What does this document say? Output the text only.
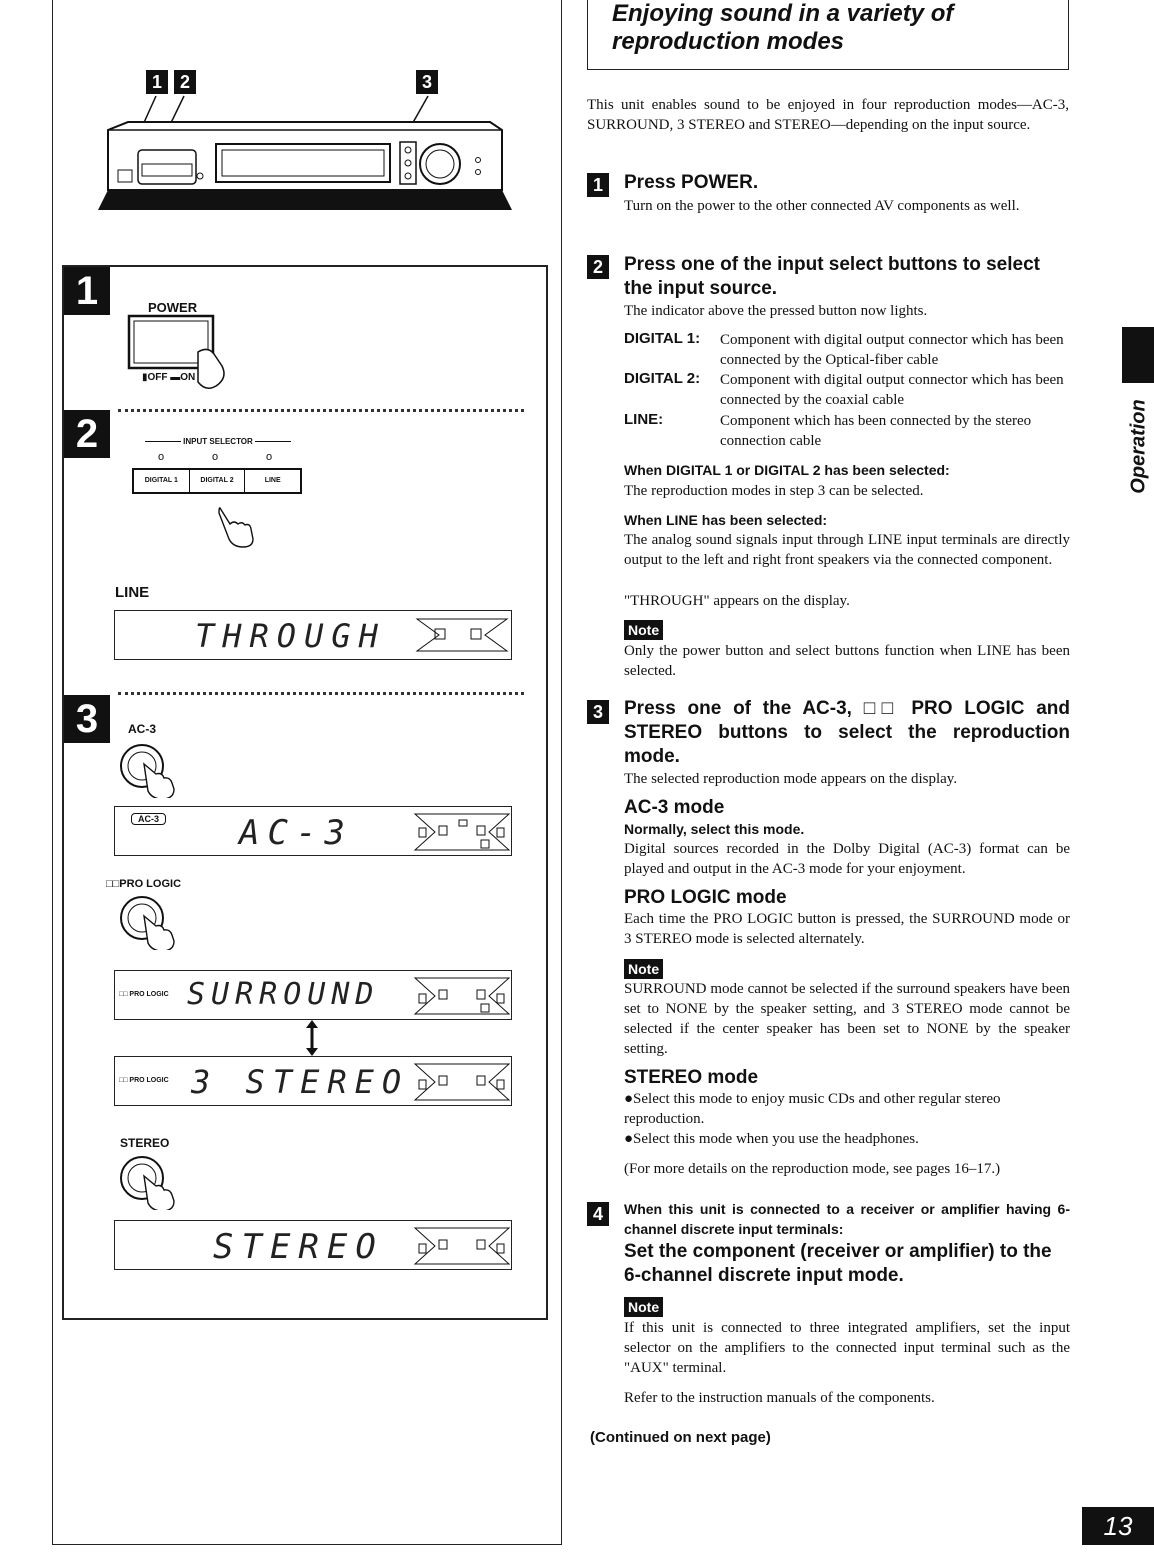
1 2	3
1	POWER
▮OFF ▬ON
2	INPUT SELECTOR
o	o	o
DIGITAL 1	DIGITAL 2	LINE
LINE
THROUGH
3	AC-3
AC-3 AC-3
□□PRO LOGIC
□□ PRO LOGIC SURROUND
□□ PRO LOGIC 3 STEREO
STEREO
STEREO
Enjoying sound in a variety of
reproduction modes
This unit enables sound to be enjoyed in four reproduction modes—AC-3, SURROUND, 3 STEREO and STEREO—depending on the input source.
1	Press POWER.
Turn on the power to the other connected AV components as well.
2	Press one of the input select buttons to select the input source.
The indicator above the pressed button now lights.
DIGITAL 1: Component with digital output connector which has been connected by the Optical-fiber cable
DIGITAL 2: Component with digital output connector which has been connected by the coaxial cable
LINE:	Component which has been connected by the stereo connection cable
When DIGITAL 1 or DIGITAL 2 has been selected:
The reproduction modes in step 3 can be selected.
When LINE has been selected:
The analog sound signals input through LINE input terminals are directly output to the left and right front speakers via the connected component.
"THROUGH" appears on the display.
Note
Only the power button and select buttons function when LINE has been selected.
3	Press one of the AC-3, □□ PRO LOGIC and STEREO buttons to select the reproduction mode.
The selected reproduction mode appears on the display.
AC-3 mode
Normally, select this mode.
Digital sources recorded in the Dolby Digital (AC-3) format can be played and output in the AC-3 mode for your enjoyment.
PRO LOGIC mode
Each time the PRO LOGIC button is pressed, the SURROUND mode or 3 STEREO mode is selected alternately.
Note
SURROUND mode cannot be selected if the surround speakers have been set to NONE by the speaker setting, and 3 STEREO mode cannot be selected if the center speaker has been set to NONE by the speaker setting.
STEREO mode
●Select this mode to enjoy music CDs and other regular stereo reproduction.
●Select this mode when you use the headphones.
(For more details on the reproduction mode, see pages 16–17.)
4	When this unit is connected to a receiver or amplifier having 6-channel discrete input terminals:
Set the component (receiver or amplifier) to the 6-channel discrete input mode.
Note
If this unit is connected to three integrated amplifiers, set the input selector on the amplifiers to the connected input terminal such as the "AUX" terminal.
Refer to the instruction manuals of the components.
(Continued on next page)
Operation
13
